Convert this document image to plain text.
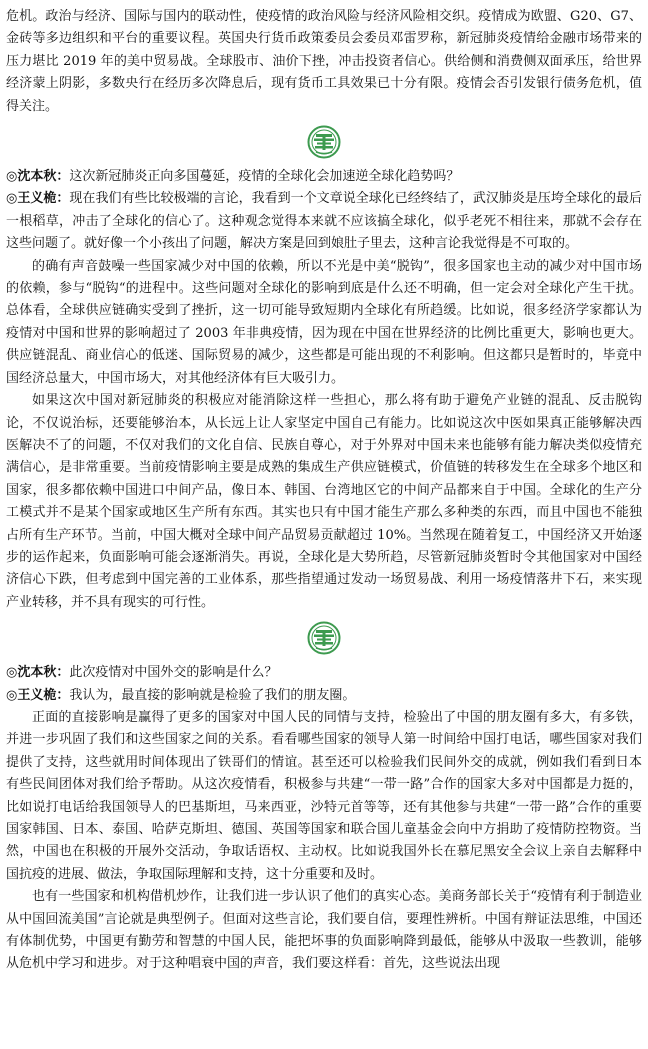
危机。政治与经济、国际与国内的联动性，使疫情的政治风险与经济风险相交织。疫情成为欧盟、G20、G7、金砖等多边组织和平台的重要议程。英国央行货币政策委员会委员邓雷罗称，新冠肺炎疫情给金融市场带来的压力堪比 2019 年的美中贸易战。全球股市、油价下挫，冲击投资者信心。供给侧和消费侧双面承压，给世界经济蒙上阴影，多数央行在经历多次降息后，现有货币工具效果已十分有限。疫情会否引发银行债务危机，值得关注。

◎沈本秋：这次新冠肺炎正向多国蔓延，疫情的全球化会加速逆全球化趋势吗？

◎王义桅：现在我们有些比较极端的言论，我看到一个文章说全球化已经终结了，武汉肺炎是压垮全球化的最后一根稻草，冲击了全球化的信心了。这种观念觉得本来就不应该搞全球化，似乎老死不相往来，那就不会存在这些问题了。就好像一个小孩出了问题，解决方案是回到娘肚子里去，这种言论我觉得是不可取的。

的确有声音鼓噪一些国家减少对中国的依赖，所以不光是中美“脱钩”，很多国家也主动的减少对中国市场的依赖，参与“脱钩“的进程中。这些问题对全球化的影响到底是什么还不明确，但一定会对全球化产生干扰。总体看，全球供应链确实受到了挫折，这一切可能导致短期内全球化有所趋缓。比如说，很多经济学家都认为疫情对中国和世界的影响超过了 2003 年非典疫情，因为现在中国在世界经济的比例比重更大，影响也更大。供应链混乱、商业信心的低迷、国际贸易的减少，这些都是可能出现的不利影响。但这都只是暂时的，毕竟中国经济总量大，中国市场大，对其他经济体有巨大吸引力。

如果这次中国对新冠肺炎的积极应对能消除这样一些担心，那么将有助于避免产业链的混乱、反击脱钩论，不仅说治标，还要能够治本，从长远上让人家坚定中国自己有能力。比如说这次中医如果真正能够解决西医解决不了的问题，不仅对我们的文化自信、民族自尊心，对于外界对中国未来也能够有能力解决类似疫情充满信心，是非常重要。当前疫情影响主要是成熟的集成生产供应链模式，价值链的转移发生在全球多个地区和国家，很多都依赖中国进口中间产品，像日本、韩国、台湾地区它的中间产品都来自于中国。全球化的生产分工模式并不是某个国家或地区生产所有东西。其实也只有中国才能生产那么多种类的东西，而且中国也不能独占所有生产环节。当前，中国大概对全球中间产品贸易贡献超过 10%。当然现在随着复工，中国经济又开始逐步的运作起来，负面影响可能会逐渐消失。再说，全球化是大势所趋，尽管新冠肺炎暂时令其他国家对中国经济信心下跌，但考虑到中国完善的工业体系，那些指望通过发动一场贸易战、利用一场疫情落井下石，来实现产业转移，并不具有现实的可行性。

◎沈本秋：此次疫情对中国外交的影响是什么？

◎王义桅：我认为，最直接的影响就是检验了我们的朋友圈。

正面的直接影响是赢得了更多的国家对中国人民的同情与支持，检验出了中国的朋友圈有多大，有多铁，并进一步巩固了我们和这些国家之间的关系。看看哪些国家的领导人第一时间给中国打电话，哪些国家对我们提供了支持，这些就用时间体现出了铁哥们的情谊。甚至还可以检验我们民间外交的成就，例如我们看到日本有些民间团体对我们给予帮助。从这次疫情看，积极参与共建“一带一路”合作的国家大多对中国都是力挺的，比如说打电话给我国领导人的巴基斯坦，马来西亚，沙特元首等等，还有其他参与共建“一带一路”合作的重要国家韩国、日本、泰国、哈萨克斯坦、德国、英国等国家和联合国儿童基金会向中方捐助了疫情防控物资。当然，中国也在积极的开展外交活动，争取话语权、主动权。比如说我国外长在慕尼黑安全会议上亲自去解释中国抗疫的进展、做法，争取国际理解和支持，这十分重要和及时。

也有一些国家和机构借机炒作，让我们进一步认识了他们的真实心态。美商务部长关于“疫情有利于制造业从中国回流美国”言论就是典型例子。但面对这些言论，我们要自信，要理性辨析。中国有辩证法思维，中国还有体制优势，中国更有勤劳和智慧的中国人民，能把坏事的负面影响降到最低，能够从中汲取一些教训，能够从危机中学习和进步。对于这种唱衰中国的声音，我们要这样看：首先，这些说法出现
